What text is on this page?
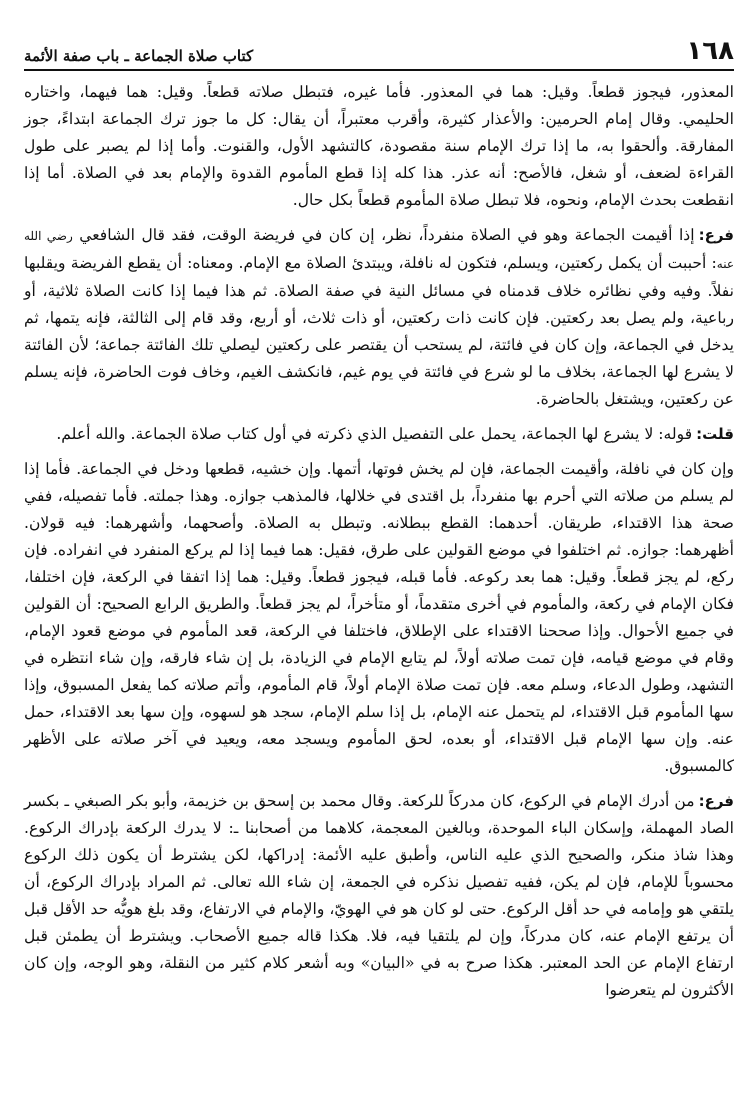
١٦٨
كتاب صلاة الجماعة ـ باب صفة الأئمة

المعذور، فيجوز قطعاً. وقيل: هما في المعذور. فأما غيره، فتبطل صلاته قطعاً. وقيل: هما فيهما، واختاره الحليمي. وقال إمام الحرمين: والأعذار كثيرة، وأقرب معتبراً، أن يقال: كل ما جوز ترك الجماعة ابتداءً، جوز المفارقة. وألحقوا به، ما إذا ترك الإمام سنة مقصودة، كالتشهد الأول، والقنوت. وأما إذا لم يصبر على طول القراءة لضعف، أو شغل، فالأصح: أنه عذر. هذا كله إذا قطع المأموم القدوة والإمام بعد في الصلاة. أما إذا انقطعت بحدث الإمام، ونحوه، فلا تبطل صلاة المأموم قطعاً بكل حال.

فرع:إذا أقيمت الجماعة وهو في الصلاة منفرداً، نظر، إن كان في فريضة الوقت، فقد قال الشافعي رضي الله عنه: أحببت أن يكمل ركعتين، ويسلم، فتكون له نافلة، ويبتدئ الصلاة مع الإمام. ومعناه: أن يقطع الفريضة ويقلبها نفلاً. وفيه وفي نظائره خلاف قدمناه في مسائل النية في صفة الصلاة. ثم هذا فيما إذا كانت الصلاة ثلاثية، أو رباعية، ولم يصل بعد ركعتين. فإن كانت ذات ركعتين، أو ذات ثلاث، أو أربع، وقد قام إلى الثالثة، فإنه يتمها، ثم يدخل في الجماعة، وإن كان في فائتة، لم يستحب أن يقتصر على ركعتين ليصلي تلك الفائتة جماعة؛ لأن الفائتة لا يشرع لها الجماعة، بخلاف ما لو شرع في فائتة في يوم غيم، فانكشف الغيم، وخاف فوت الحاضرة، فإنه يسلم عن ركعتين، ويشتغل بالحاضرة.

قلت:قوله: لا يشرع لها الجماعة، يحمل على التفصيل الذي ذكرته في أول كتاب صلاة الجماعة. والله أعلم.

وإن كان في نافلة، وأقيمت الجماعة، فإن لم يخش فوتها، أتمها. وإن خشيه، قطعها ودخل في الجماعة. فأما إذا لم يسلم من صلاته التي أحرم بها منفرداً، بل اقتدى في خلالها، فالمذهب جوازه. وهذا جملته. فأما تفصيله، ففي صحة هذا الاقتداء، طريقان. أحدهما: القطع ببطلانه. وتبطل به الصلاة. وأصحهما، وأشهرهما: فيه قولان. أظهرهما: جوازه. ثم اختلفوا في موضع القولين على طرق، فقيل: هما فيما إذا لم يركع المنفرد في انفراده. فإن ركع، لم يجز قطعاً. وقيل: هما بعد ركوعه. فأما قبله، فيجوز قطعاً. وقيل: هما إذا اتفقا في الركعة، فإن اختلفا، فكان الإمام في ركعة، والمأموم في أخرى متقدماً، أو متأخراً، لم يجز قطعاً. والطريق الرابع الصحيح: أن القولين في جميع الأحوال. وإذا صححنا الاقتداء على الإطلاق، فاختلفا في الركعة، قعد المأموم في موضع قعود الإمام، وقام في موضع قيامه، فإن تمت صلاته أولاً، لم يتابع الإمام في الزيادة، بل إن شاء فارقه، وإن شاء انتظره في التشهد، وطول الدعاء، وسلم معه. فإن تمت صلاة الإمام أولاً، قام المأموم، وأتم صلاته كما يفعل المسبوق، وإذا سها المأموم قبل الاقتداء، لم يتحمل عنه الإمام، بل إذا سلم الإمام، سجد هو لسهوه، وإن سها بعد الاقتداء، حمل عنه. وإن سها الإمام قبل الاقتداء، أو بعده، لحق المأموم ويسجد معه، ويعيد في آخر صلاته على الأظهر كالمسبوق.

فرع:من أدرك الإمام في الركوع، كان مدركاً للركعة. وقال محمد بن إسحق بن خزيمة، وأبو بكر الصبغي ـ بكسر الصاد المهملة، وإسكان الباء الموحدة، وبالغين المعجمة، كلاهما من أصحابنا ـ: لا يدرك الركعة بإدراك الركوع. وهذا شاذ منكر، والصحيح الذي عليه الناس، وأطبق عليه الأئمة: إدراكها، لكن يشترط أن يكون ذلك الركوع محسوباً للإمام، فإن لم يكن، ففيه تفصيل نذكره في الجمعة، إن شاء الله تعالى. ثم المراد بإدراك الركوع، أن يلتقي هو وإمامه في حد أقل الركوع. حتى لو كان هو في الهويّ، والإمام في الارتفاع، وقد بلغ هويُّه حد الأقل قبل أن يرتفع الإمام عنه، كان مدركاً، وإن لم يلتقيا فيه، فلا. هكذا قاله جميع الأصحاب. ويشترط أن يطمئن قبل ارتفاع الإمام عن الحد المعتبر. هكذا صرح به في «البيان» وبه أشعر كلام كثير من النقلة، وهو الوجه، وإن كان الأكثرون لم يتعرضوا
